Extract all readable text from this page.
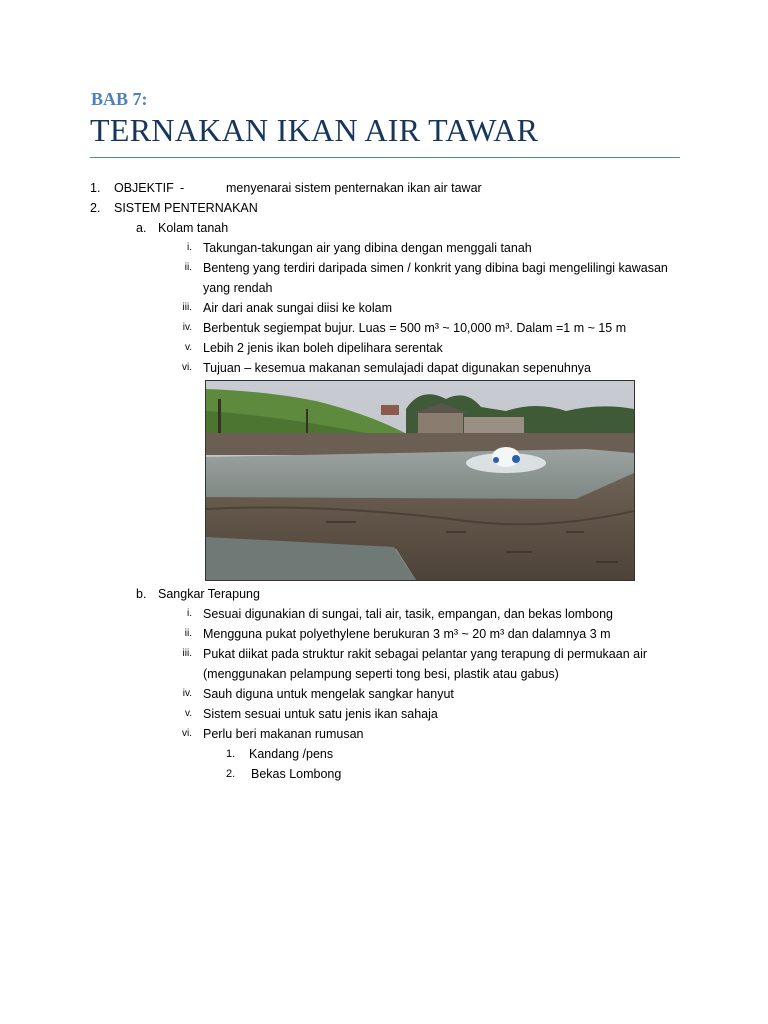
BAB 7:
TERNAKAN IKAN AIR TAWAR
1. OBJEKTIF -	menyenarai sistem penternakan ikan air tawar
2. SISTEM PENTERNAKAN
a. Kolam tanah
i. Takungan-takungan air yang dibina dengan menggali tanah
ii. Benteng yang terdiri daripada simen / konkrit yang dibina bagi mengelilingi kawasan
yang rendah
iii. Air dari anak sungai diisi ke kolam
iv. Berbentuk segiempat bujur. Luas = 500 m³ ~ 10,000 m³. Dalam =1 m ~ 15 m
v. Lebih 2 jenis ikan boleh dipelihara serentak
vi. Tujuan – kesemua makanan semulajadi dapat digunakan sepenuhnya
b. Sangkar Terapung
i. Sesuai digunakian di sungai, tali air, tasik, empangan, dan bekas lombong
ii. Mengguna pukat polyethylene berukuran 3 m³ ~ 20 m³ dan dalamnya 3 m
iii. Pukat diikat pada struktur rakit sebagai pelantar yang terapung di permukaan air
(menggunakan pelampung seperti tong besi, plastik atau gabus)
iv. Sauh diguna untuk mengelak sangkar hanyut
v. Sistem sesuai untuk satu jenis ikan sahaja
vi. Perlu beri makanan rumusan
1. Kandang /pens
2. Bekas Lombong
